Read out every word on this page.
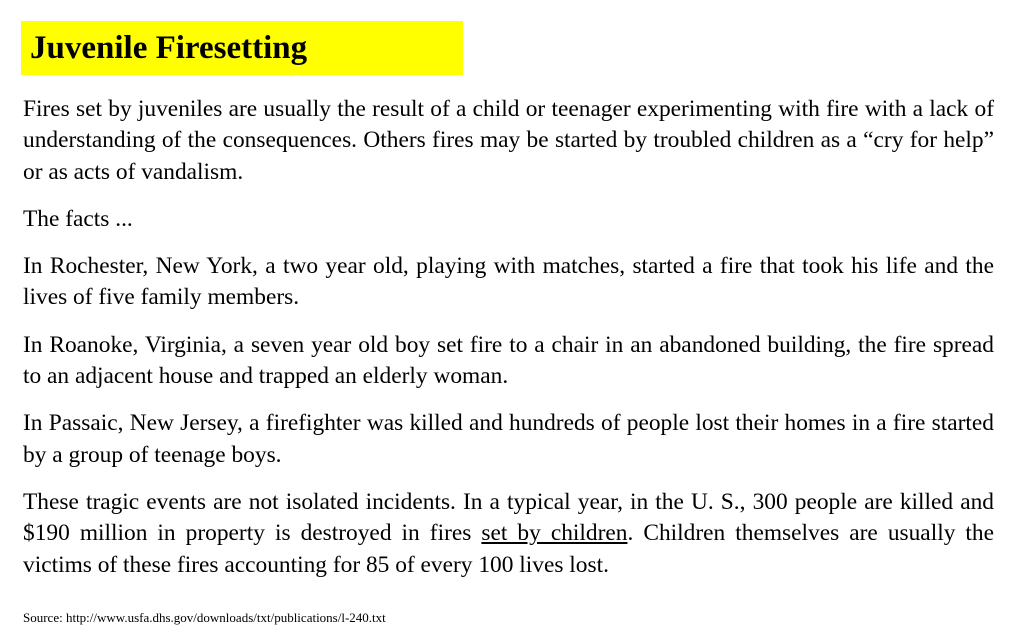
Juvenile Firesetting

Fires set by juveniles are usually the result of a child or teenager experimenting with fire with a lack of understanding of the consequences. Others fires may be started by troubled children as a “cry for help” or as acts of vandalism.

The facts ...

In Rochester, New York, a two year old, playing with matches, started a fire that took his life and the lives of five family members.

In Roanoke, Virginia, a seven year old boy set fire to a chair in an abandoned building, the fire spread to an adjacent house and trapped an elderly woman.

In Passaic, New Jersey, a firefighter was killed and hundreds of people lost their homes in a fire started by a group of teenage boys.

These tragic events are not isolated incidents. In a typical year, in the U. S., 300 people are killed and $190 million in property is destroyed in fires set by children. Children themselves are usually the victims of these fires accounting for 85 of every 100 lives lost.

Source: http://www.usfa.dhs.gov/downloads/txt/publications/l-240.txt
